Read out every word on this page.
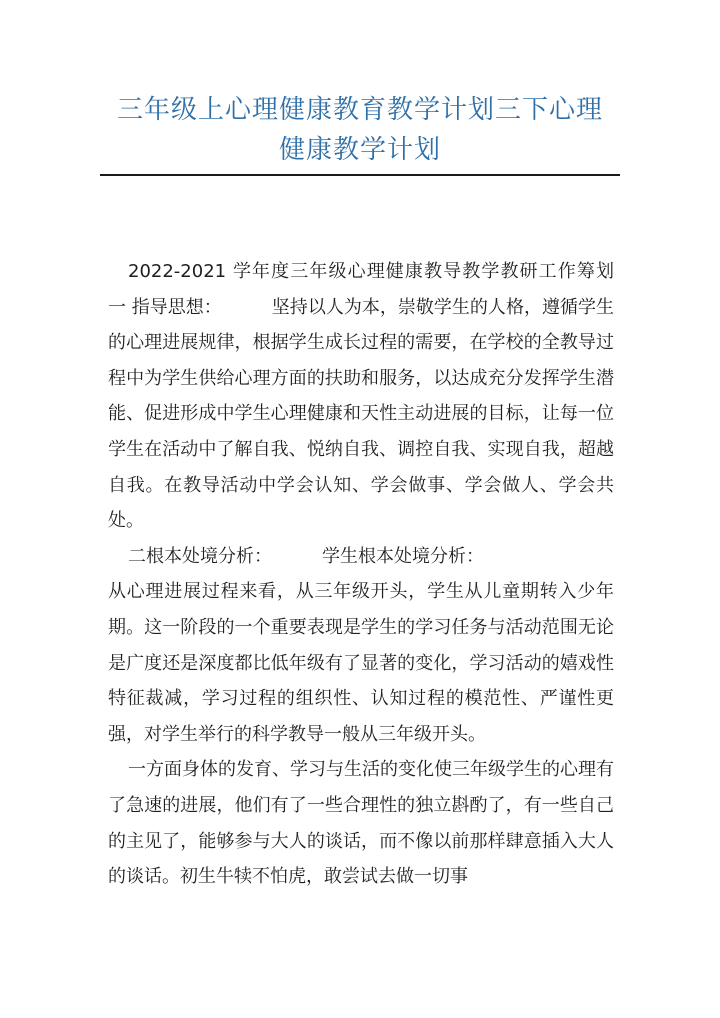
三年级上心理健康教育教学计划三下心理
健康教学计划

2022-2021 学年度三年级心理健康教导教学教研工作筹划 一 指导思想：	坚持以人为本，崇敬学生的人格，遵循学生的心理进展规律，根据学生成长过程的需要，在学校的全教导过程中为学生供给心理方面的扶助和服务，以达成充分发挥学生潜能、促进形成中学生心理健康和天性主动进展的目标，让每一位学生在活动中了解自我、悦纳自我、调控自我、实现自我，超越自我。在教导活动中学会认知、学会做事、学会做人、学会共处。

二根本处境分析：	学生根本处境分析：

从心理进展过程来看，从三年级开头，学生从儿童期转入少年期。这一阶段的一个重要表现是学生的学习任务与活动范围无论是广度还是深度都比低年级有了显著的变化，学习活动的嬉戏性特征裁减，学习过程的组织性、认知过程的模范性、严谨性更强，对学生举行的科学教导一般从三年级开头。

一方面身体的发育、学习与生活的变化使三年级学生的心理有了急速的进展，他们有了一些合理性的独立斟酌了，有一些自己的主见了，能够参与大人的谈话，而不像以前那样肆意插入大人的谈话。初生牛犊不怕虎，敢尝试去做一切事
